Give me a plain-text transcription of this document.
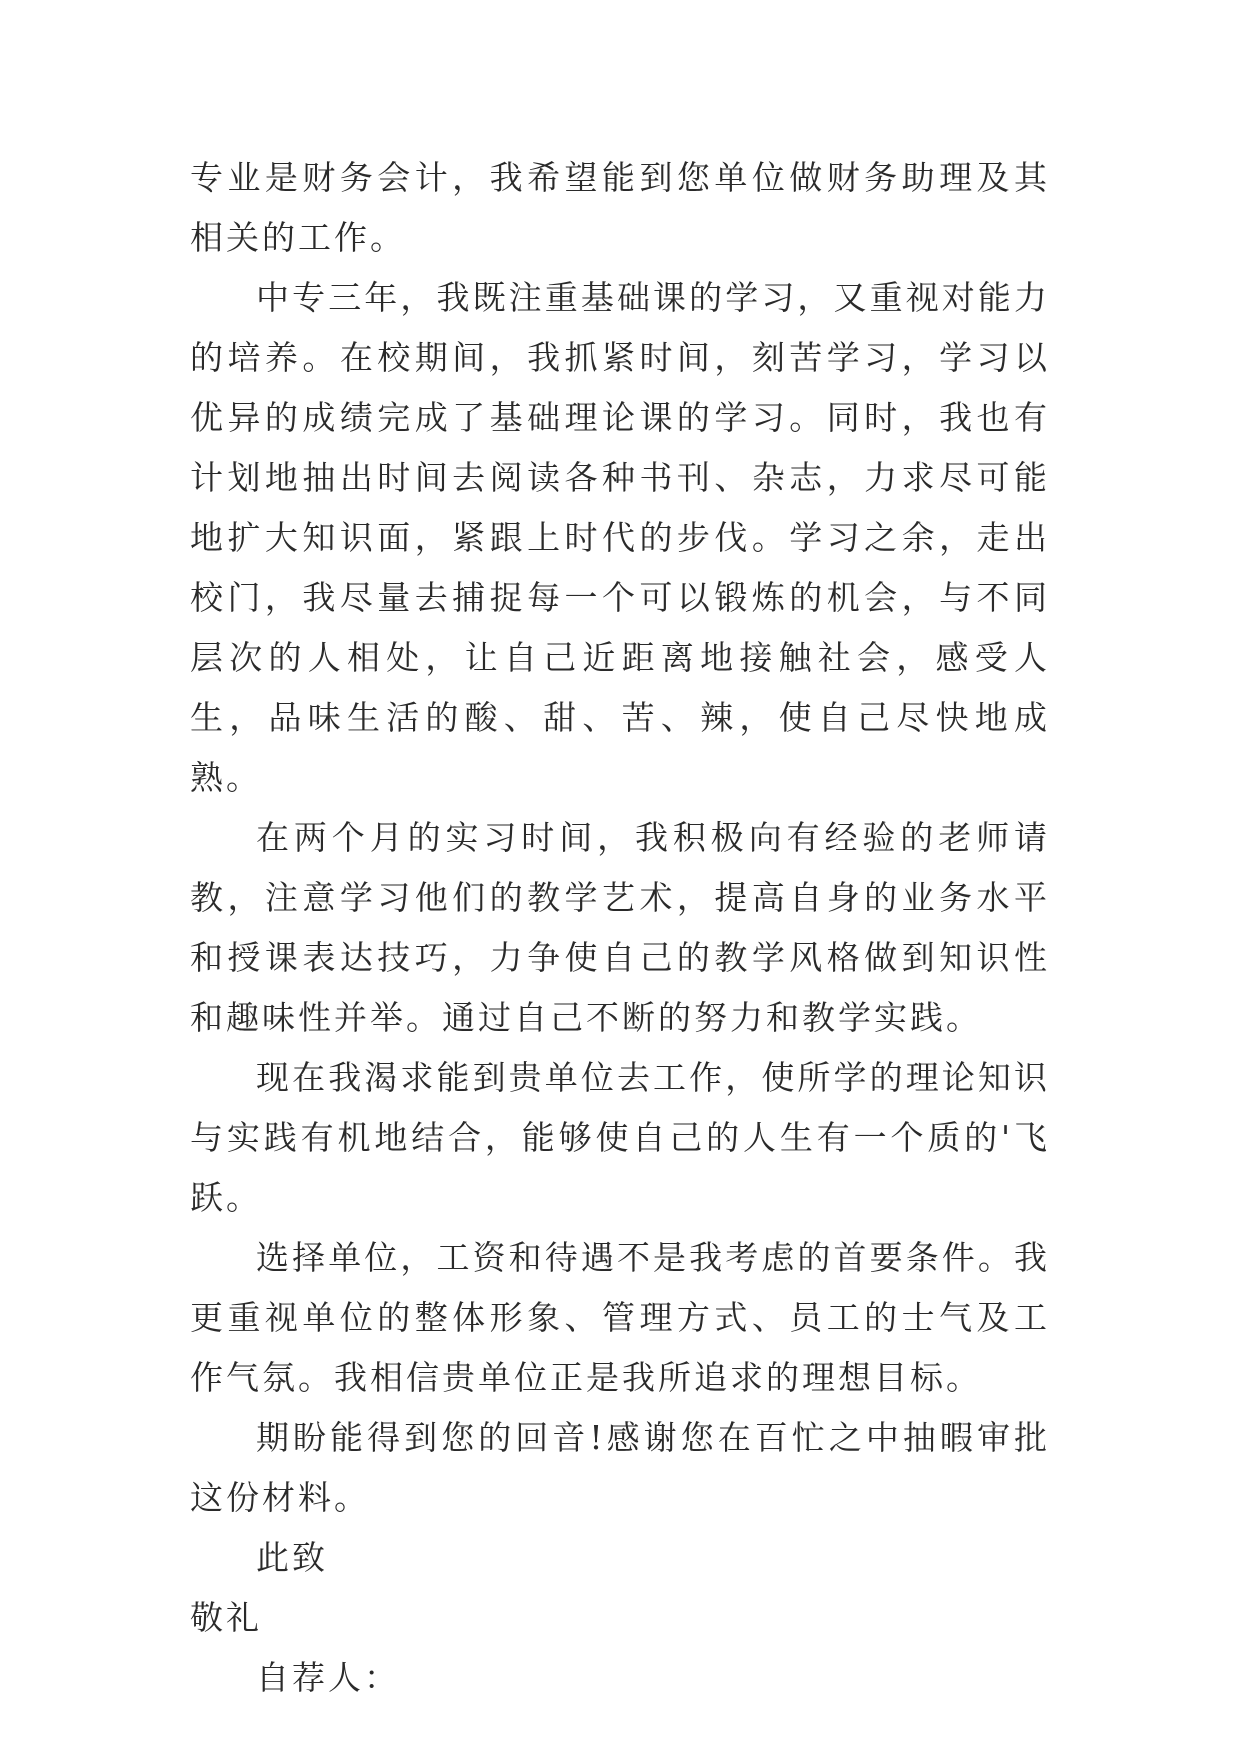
专业是财务会计，我希望能到您单位做财务助理及其相关的工作。

中专三年，我既注重基础课的学习，又重视对能力的培养。在校期间，我抓紧时间，刻苦学习，学习以优异的成绩完成了基础理论课的学习。同时，我也有计划地抽出时间去阅读各种书刊、杂志，力求尽可能地扩大知识面，紧跟上时代的步伐。学习之余，走出校门，我尽量去捕捉每一个可以锻炼的机会，与不同层次的人相处，让自己近距离地接触社会，感受人生，品味生活的酸、甜、苦、辣，使自己尽快地成熟。

在两个月的实习时间，我积极向有经验的老师请教，注意学习他们的教学艺术，提高自身的业务水平和授课表达技巧，力争使自己的教学风格做到知识性和趣味性并举。通过自己不断的努力和教学实践。

现在我渴求能到贵单位去工作，使所学的理论知识与实践有机地结合，能够使自己的人生有一个质的'飞跃。

选择单位，工资和待遇不是我考虑的首要条件。我更重视单位的整体形象、管理方式、员工的士气及工作气氛。我相信贵单位正是我所追求的理想目标。

期盼能得到您的回音!感谢您在百忙之中抽暇审批这份材料。

此致

敬礼

自荐人：
